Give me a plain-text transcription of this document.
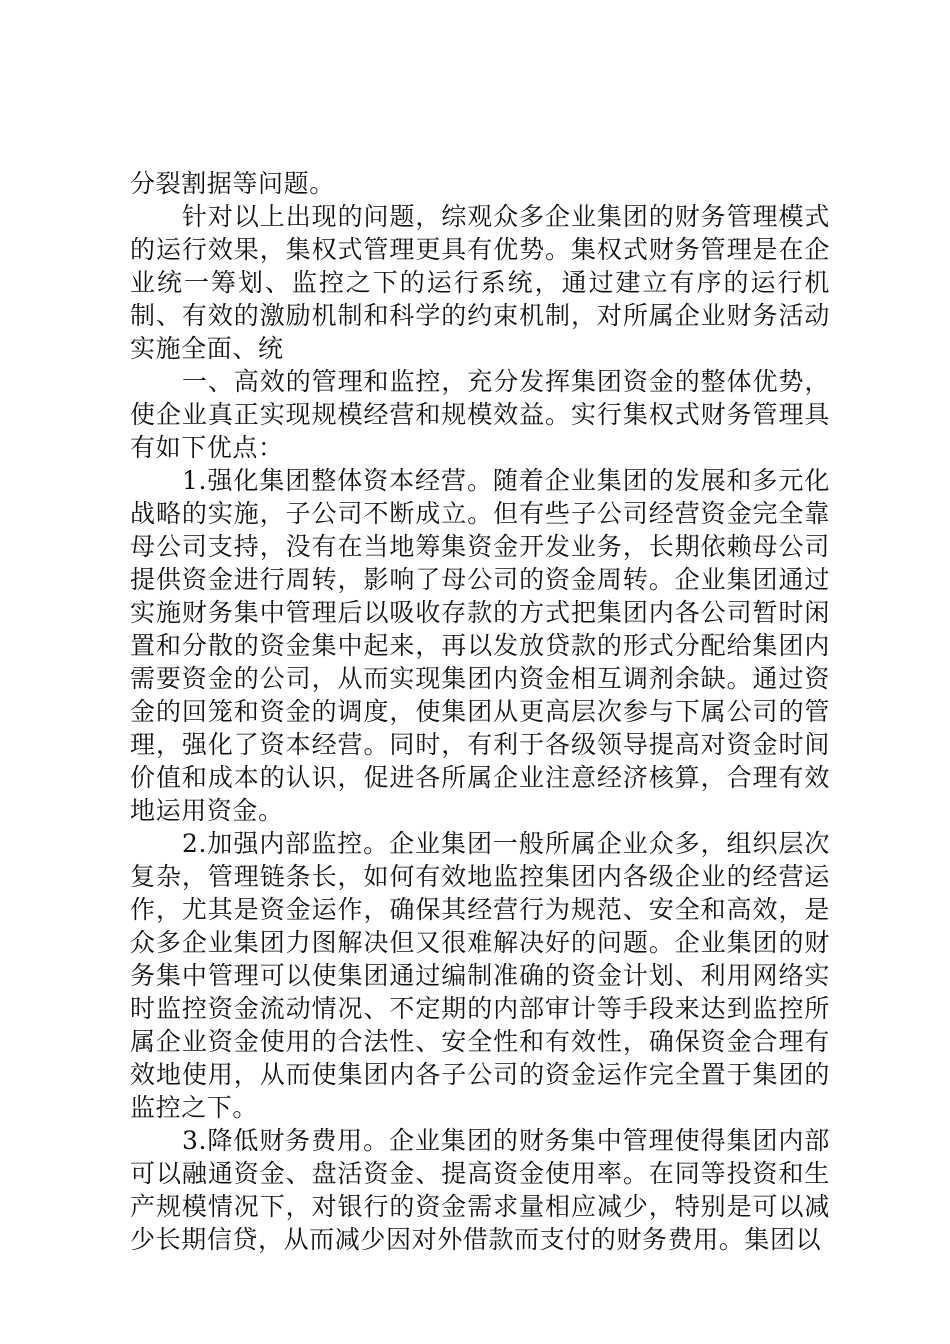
分裂割据等问题。

针对以上出现的问题，综观众多企业集团的财务管理模式的运行效果，集权式管理更具有优势。集权式财务管理是在企业统一筹划、监控之下的运行系统，通过建立有序的运行机制、有效的激励机制和科学的约束机制，对所属企业财务活动实施全面、统

一、高效的管理和监控，充分发挥集团资金的整体优势，使企业真正实现规模经营和规模效益。实行集权式财务管理具有如下优点：

1.强化集团整体资本经营。随着企业集团的发展和多元化战略的实施，子公司不断成立。但有些子公司经营资金完全靠母公司支持，没有在当地筹集资金开发业务，长期依赖母公司提供资金进行周转，影响了母公司的资金周转。企业集团通过实施财务集中管理后以吸收存款的方式把集团内各公司暂时闲置和分散的资金集中起来，再以发放贷款的形式分配给集团内需要资金的公司，从而实现集团内资金相互调剂余缺。通过资金的回笼和资金的调度，使集团从更高层次参与下属公司的管理，强化了资本经营。同时，有利于各级领导提高对资金时间价值和成本的认识，促进各所属企业注意经济核算，合理有效地运用资金。

2.加强内部监控。企业集团一般所属企业众多，组织层次复杂，管理链条长，如何有效地监控集团内各级企业的经营运作，尤其是资金运作，确保其经营行为规范、安全和高效，是众多企业集团力图解决但又很难解决好的问题。企业集团的财务集中管理可以使集团通过编制准确的资金计划、利用网络实时监控资金流动情况、不定期的内部审计等手段来达到监控所属企业资金使用的合法性、安全性和有效性，确保资金合理有效地使用，从而使集团内各子公司的资金运作完全置于集团的监控之下。

3.降低财务费用。企业集团的财务集中管理使得集团内部可以融通资金、盘活资金、提高资金使用率。在同等投资和生产规模情况下，对银行的资金需求量相应减少，特别是可以减少长期信贷，从而减少因对外借款而支付的财务费用。集团以
